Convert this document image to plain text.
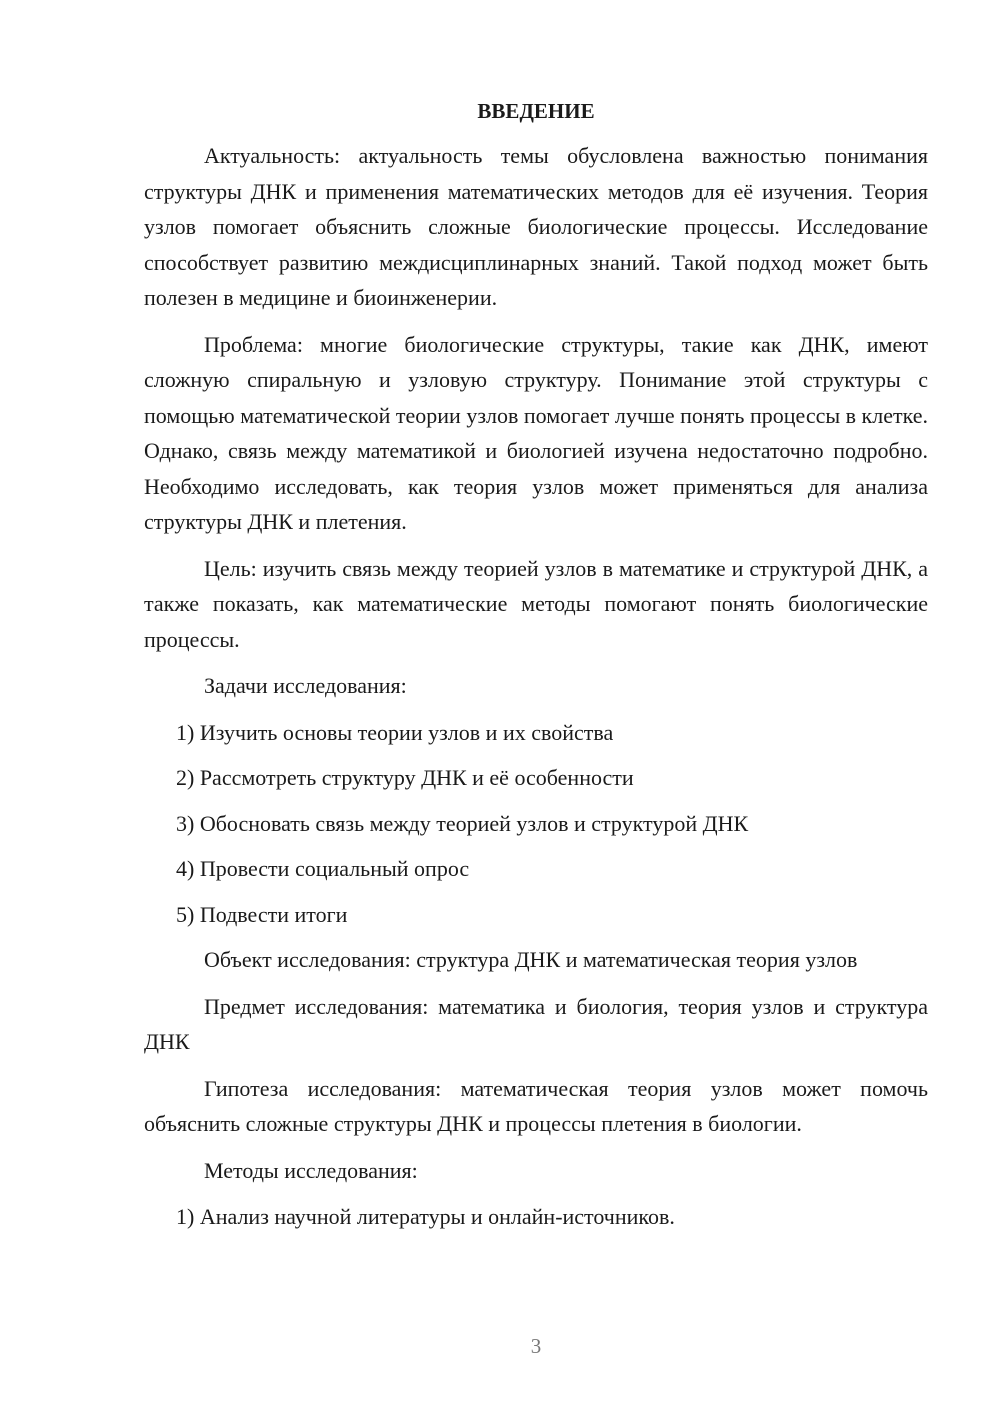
ВВЕДЕНИЕ

Актуальность: актуальность темы обусловлена важностью понимания структуры ДНК и применения математических методов для её изучения. Теория узлов помогает объяснить сложные биологические процессы. Исследование способствует развитию междисциплинарных знаний. Такой подход может быть полезен в медицине и биоинженерии.

Проблема: многие биологические структуры, такие как ДНК, имеют сложную спиральную и узловую структуру. Понимание этой структуры с помощью математической теории узлов помогает лучше понять процессы в клетке. Однако, связь между математикой и биологией изучена недостаточно подробно. Необходимо исследовать, как теория узлов может применяться для анализа структуры ДНК и плетения.

Цель: изучить связь между теорией узлов в математике и структурой ДНК, а также показать, как математические методы помогают понять биологические процессы.

Задачи исследования:

1) Изучить основы теории узлов и их свойства
2) Рассмотреть структуру ДНК и её особенности
3) Обосновать связь между теорией узлов и структурой ДНК
4) Провести социальный опрос
5) Подвести итоги

Объект исследования: структура ДНК и математическая теория узлов

Предмет исследования: математика и биология, теория узлов и структура ДНК

Гипотеза исследования: математическая теория узлов может помочь объяснить сложные структуры ДНК и процессы плетения в биологии.

Методы исследования:

1) Анализ научной литературы и онлайн-источников.
3
